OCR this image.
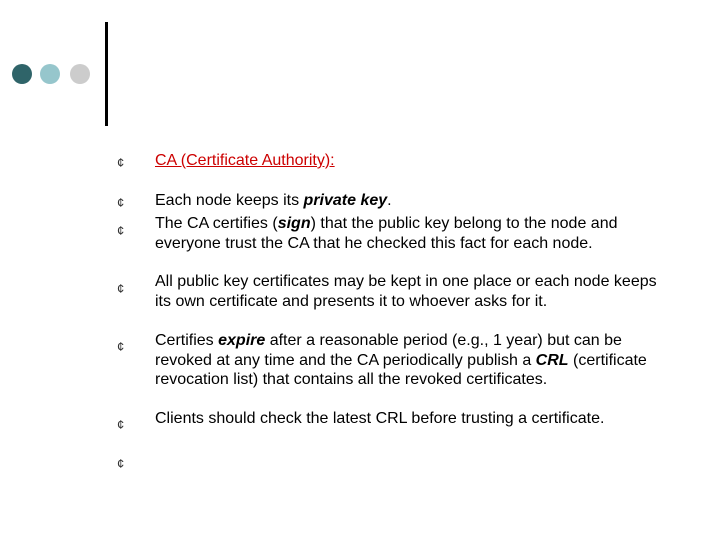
¢ CA (Certificate Authority):
¢ Each node keeps its private key.
¢ The CA certifies (sign) that the public key belong to the node and everyone trust the CA that he checked this fact for each node.
¢ All public key certificates may be kept in one place or each node keeps its own certificate and presents it to whoever asks for it.
¢ Certifies expire after a reasonable period (e.g., 1 year) but can be revoked at any time and the CA periodically publish a CRL (certificate revocation list) that contains all the revoked certificates.
¢ Clients should check the latest CRL before trusting a certificate.
¢
